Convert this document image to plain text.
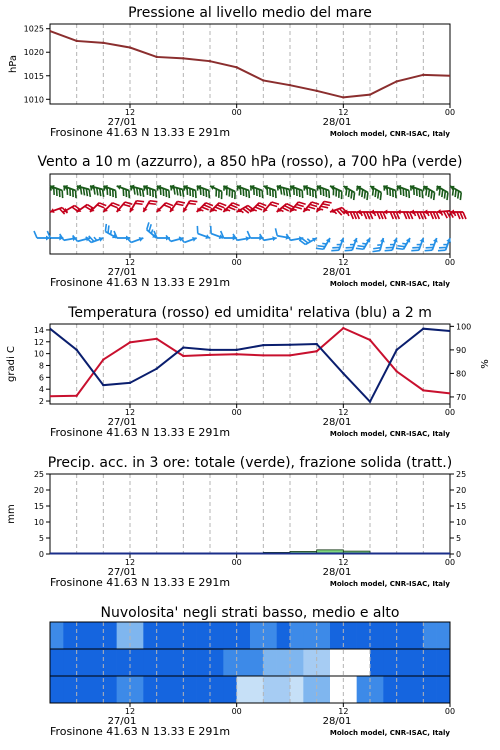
Pressione al livello medio del mare
Vento a 10 m (azzurro), a 850 hPa (rosso), a 700 hPa (verde)
Temperatura (rosso) ed umidita' relativa (blu) a 2 m
Precip. acc. in 3 ore: totale (verde), frazione solida (tratt.)
Nuvolosita' negli strati basso, medio e alto
12	00	12	00
27/01	28/01
Frosinone 41.63 N 13.33 E 291m	Moloch model, CNR-ISAC, Italy
1010
1015
1020
1025
hPa
12	00	12	00
27/01	28/01
Frosinone 41.63 N 13.33 E 291m	Moloch model, CNR-ISAC, Italy
12	00	12	00
27/01	28/01
Frosinone 41.63 N 13.33 E 291m	Moloch model, CNR-ISAC, Italy
2
4
6
8
10
12
14
70
80
90
100
gradi C	%
12	00	12	00
27/01	28/01
Frosinone 41.63 N 13.33 E 291m	Moloch model, CNR-ISAC, Italy
0	0
5	5
10	10
15	15
20	20
25	25
mm
12	00	12	00
27/01	28/01
Frosinone 41.63 N 13.33 E 291m	Moloch model, CNR-ISAC, Italy
